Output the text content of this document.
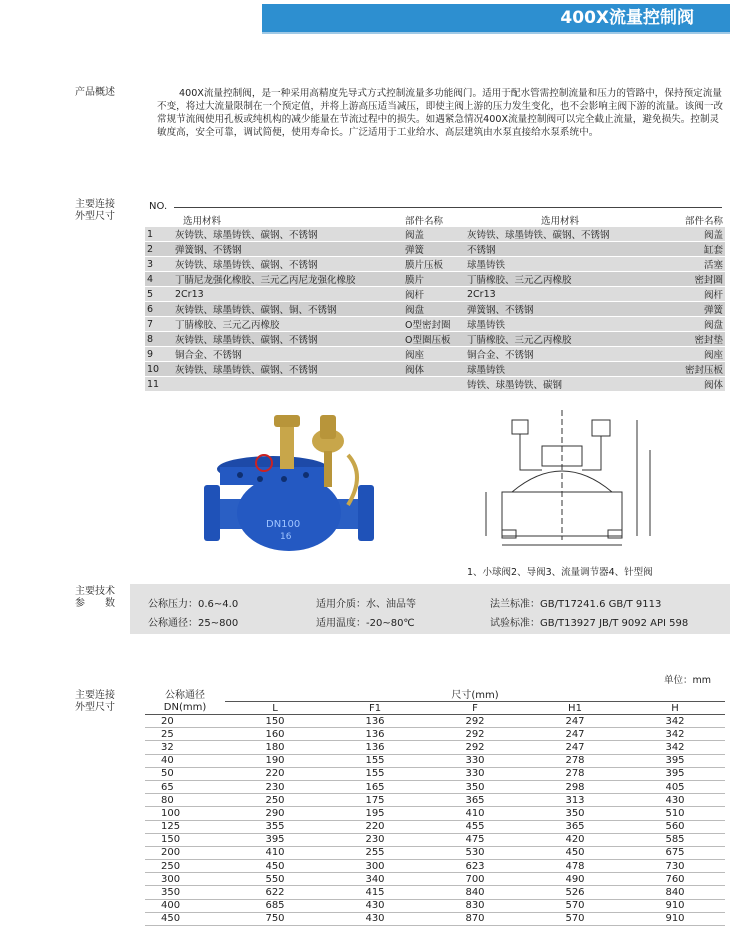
400X流量控制阀
产品概述	400X流量控制阀，是一种采用高精度先导式方式控制流量多功能阀门。适用于配水管需控制流量和压力的管路中，保持预定流量不变，将过大流量限制在一个预定值，并将上游高压适当减压，即使主阀上游的压力发生变化，也不会影响主阀下游的流量。该阀一改常规节流阀使用孔板或纯机构的减少能量在节流过程中的损失。如遇紧急情况400X流量控制阀可以完全截止流量，避免损失。控制灵敏度高，安全可靠，调试简便，使用寿命长。广泛适用于工业给水、高层建筑由水泵直接给水泵系统中。
主要连接
外型尺寸
NO.
	选用材料	部件名称	选用材料	部件名称
1	灰铸铁、球墨铸铁、碳钢、不锈钢	阀盖	灰铸铁、球墨铸铁、碳钢、不锈钢	阀盖
2	弹簧钢、不锈钢	弹簧	不锈钢	缸套
3	灰铸铁、球墨铸铁、碳钢、不锈钢	膜片压板	球墨铸铁	活塞
4	丁腈尼龙强化橡胶、三元乙丙尼龙强化橡胶	膜片	丁腈橡胶、三元乙丙橡胶	密封圈
5	2Cr13	阀杆	2Cr13	阀杆
6	灰铸铁、球墨铸铁、碳钢、铜、不锈钢	阀盘	弹簧钢、不锈钢	弹簧
7	丁腈橡胶、三元乙丙橡胶	O型密封圈	球墨铸铁	阀盘
8	灰铸铁、球墨铸铁、碳钢、不锈钢	O型圈压板	丁腈橡胶、三元乙丙橡胶	密封垫
9	铜合金、不锈钢	阀座	铜合金、不锈钢	阀座
10	灰铸铁、球墨铸铁、碳钢、不锈钢	阀体	球墨铸铁	密封压板
11			铸铁、球墨铸铁、碳钢	阀体
DN100
16
1、小球阀2、导阀3、流量调节器4、针型阀
主要技术
参　　数	公称压力：0.6~4.0	适用介质：水、油品等	法兰标准：GB/T17241.6 GB/T 9113
公称通径：25~800	适用温度：-20~80℃	试验标准：GB/T13927 JB/T 9092 API 598
单位：mm
主要连接
外型尺寸
公称通径	尺寸(mm)				
DN(mm)	L	F1	F	H1	H
20	150	136	292	247	342
25	160	136	292	247	342
32	180	136	292	247	342
40	190	155	330	278	395
50	220	155	330	278	395
65	230	165	350	298	405
80	250	175	365	313	430
100	290	195	410	350	510
125	355	220	455	365	560
150	395	230	475	420	585
200	410	255	530	450	675
250	450	300	623	478	730
300	550	340	700	490	760
350	622	415	840	526	840
400	685	430	830	570	910
450	750	430	870	570	910
